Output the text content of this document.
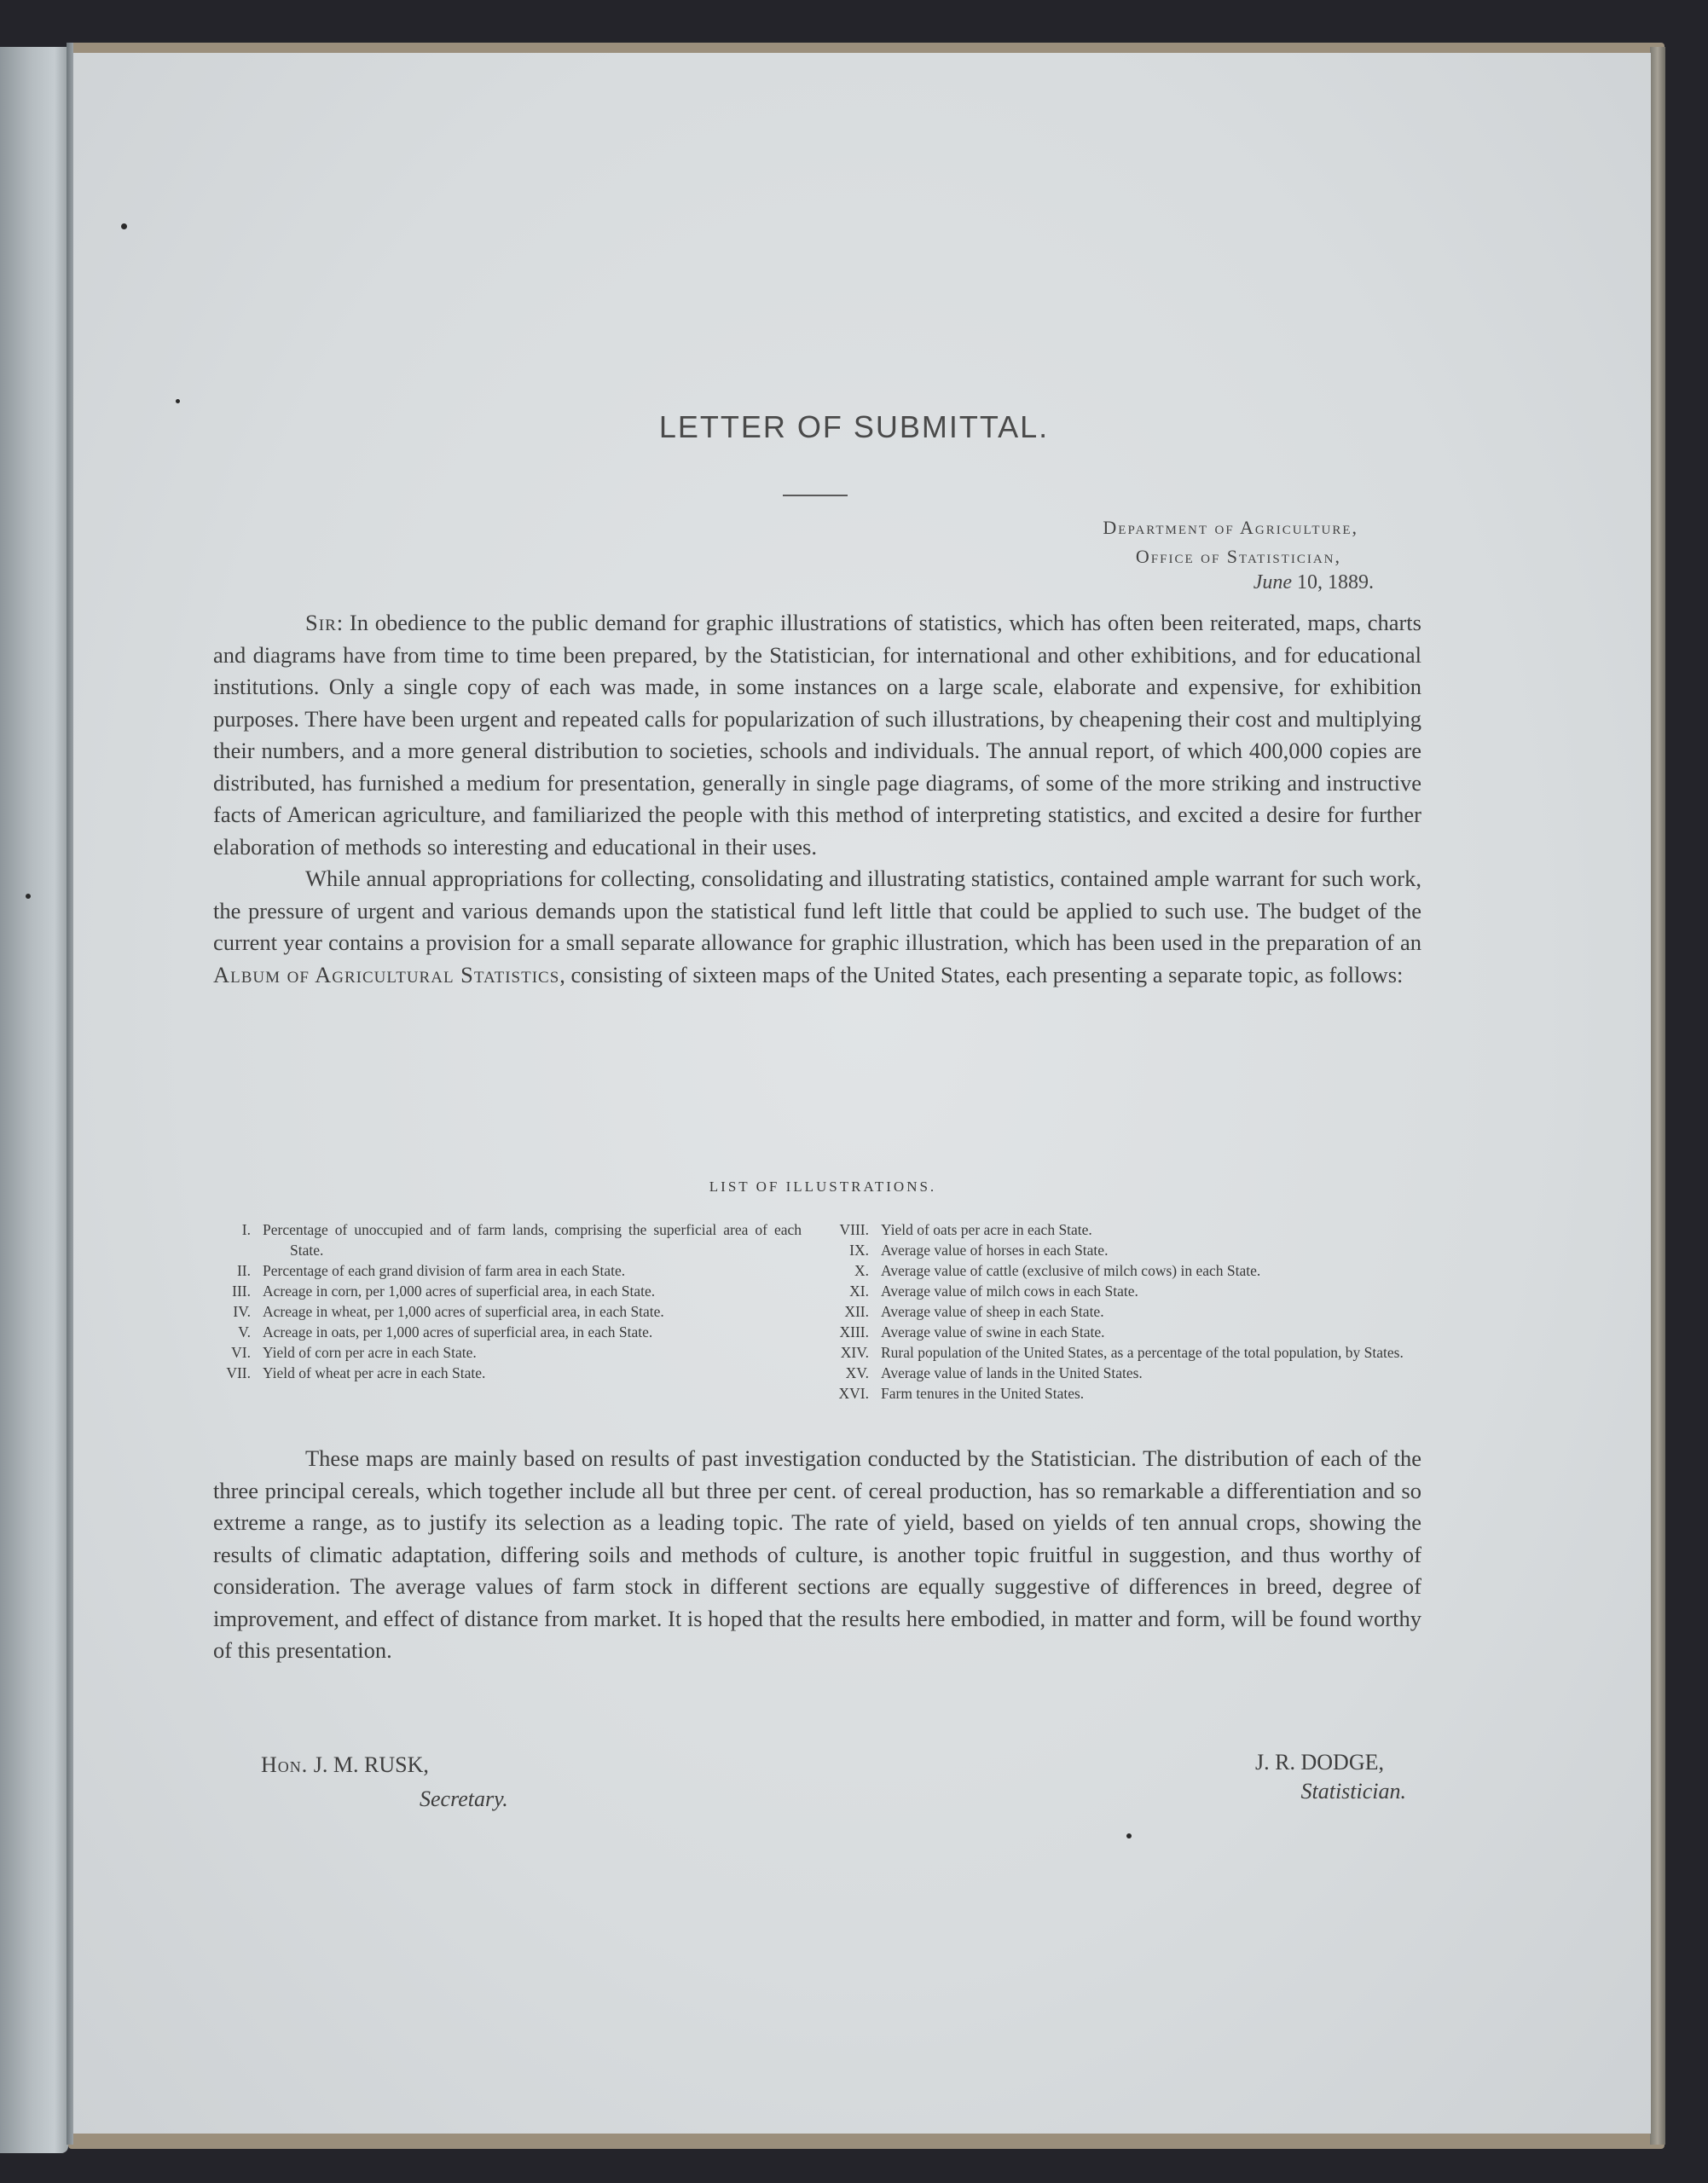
LETTER OF SUBMITTAL.
Department of Agriculture,
Office of Statistician,
June 10, 1889.

Sir: In obedience to the public demand for graphic illustrations of statistics, which has often been reiterated, maps, charts and diagrams have from time to time been prepared, by the Statistician, for international and other exhibitions, and for educational institutions. Only a single copy of each was made, in some instances on a large scale, elaborate and expensive, for exhibition purposes. There have been urgent and repeated calls for popularization of such illustrations, by cheapening their cost and multiplying their numbers, and a more general distribution to societies, schools and individuals. The annual report, of which 400,000 copies are distributed, has furnished a medium for presentation, generally in single page diagrams, of some of the more striking and instructive facts of American agriculture, and familiarized the people with this method of interpreting statistics, and excited a desire for further elaboration of methods so interesting and educational in their uses.

While annual appropriations for collecting, consolidating and illustrating statistics, contained ample warrant for such work, the pressure of urgent and various demands upon the statistical fund left little that could be applied to such use. The budget of the current year contains a provision for a small separate allowance for graphic illustration, which has been used in the preparation of an Album of Agricultural Statistics, consisting of sixteen maps of the United States, each presenting a separate topic, as follows:

LIST OF ILLUSTRATIONS.
I. Percentage of unoccupied and of farm lands, comprising the superficial area of each State.
II. Percentage of each grand division of farm area in each State.
III. Acreage in corn, per 1,000 acres of superficial area, in each State.
IV. Acreage in wheat, per 1,000 acres of superficial area, in each State.
V. Acreage in oats, per 1,000 acres of superficial area, in each State.
VI. Yield of corn per acre in each State.
VII. Yield of wheat per acre in each State.
VIII. Yield of oats per acre in each State.
IX. Average value of horses in each State.
X. Average value of cattle (exclusive of milch cows) in each State.
XI. Average value of milch cows in each State.
XII. Average value of sheep in each State.
XIII. Average value of swine in each State.
XIV. Rural population of the United States, as a percentage of the total population, by States.
XV. Average value of lands in the United States.
XVI. Farm tenures in the United States.

These maps are mainly based on results of past investigation conducted by the Statistician. The distribution of each of the three principal cereals, which together include all but three per cent. of cereal production, has so remarkable a differentiation and so extreme a range, as to justify its selection as a leading topic. The rate of yield, based on yields of ten annual crops, showing the results of climatic adaptation, differing soils and methods of culture, is another topic fruitful in suggestion, and thus worthy of consideration. The average values of farm stock in different sections are equally suggestive of differences in breed, degree of improvement, and effect of distance from market. It is hoped that the results here embodied, in matter and form, will be found worthy of this presentation.

Hon. J. M. RUSK,
Secretary.
J. R. DODGE,
Statistician.
